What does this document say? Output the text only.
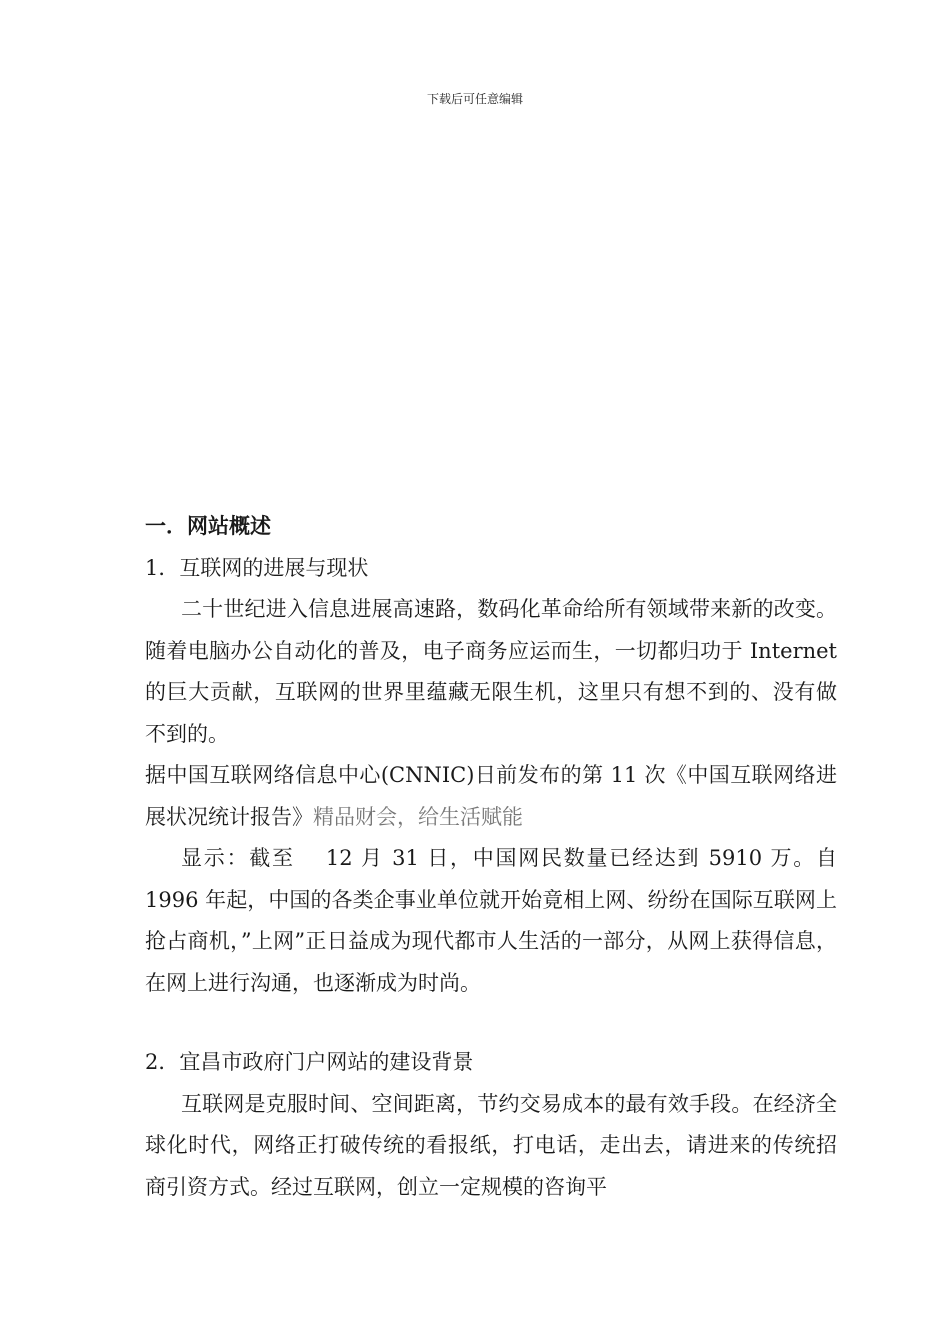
下载后可任意编辑

一．网站概述

1．互联网的进展与现状

二十世纪进入信息进展高速路，数码化革命给所有领域带来新的改变。随着电脑办公自动化的普及，电子商务应运而生，一切都归功于 Internet 的巨大贡献，互联网的世界里蕴藏无限生机，这里只有想不到的、没有做不到的。

据中国互联网络信息中心(CNNIC)日前发布的第 11 次《中国互联网络进展状况统计报告》精品财会，给生活赋能

显示：截至　 12 月 31 日，中国网民数量已经达到 5910 万。自 1996 年起，中国的各类企事业单位就开始竟相上网、纷纷在国际互联网上抢占商机，”上网”正日益成为现代都市人生活的一部分，从网上获得信息，在网上进行沟通，也逐渐成为时尚。

2．宜昌市政府门户网站的建设背景

互联网是克服时间、空间距离，节约交易成本的最有效手段。在经济全球化时代，网络正打破传统的看报纸，打电话，走出去，请进来的传统招商引资方式。经过互联网，创立一定规模的咨询平
